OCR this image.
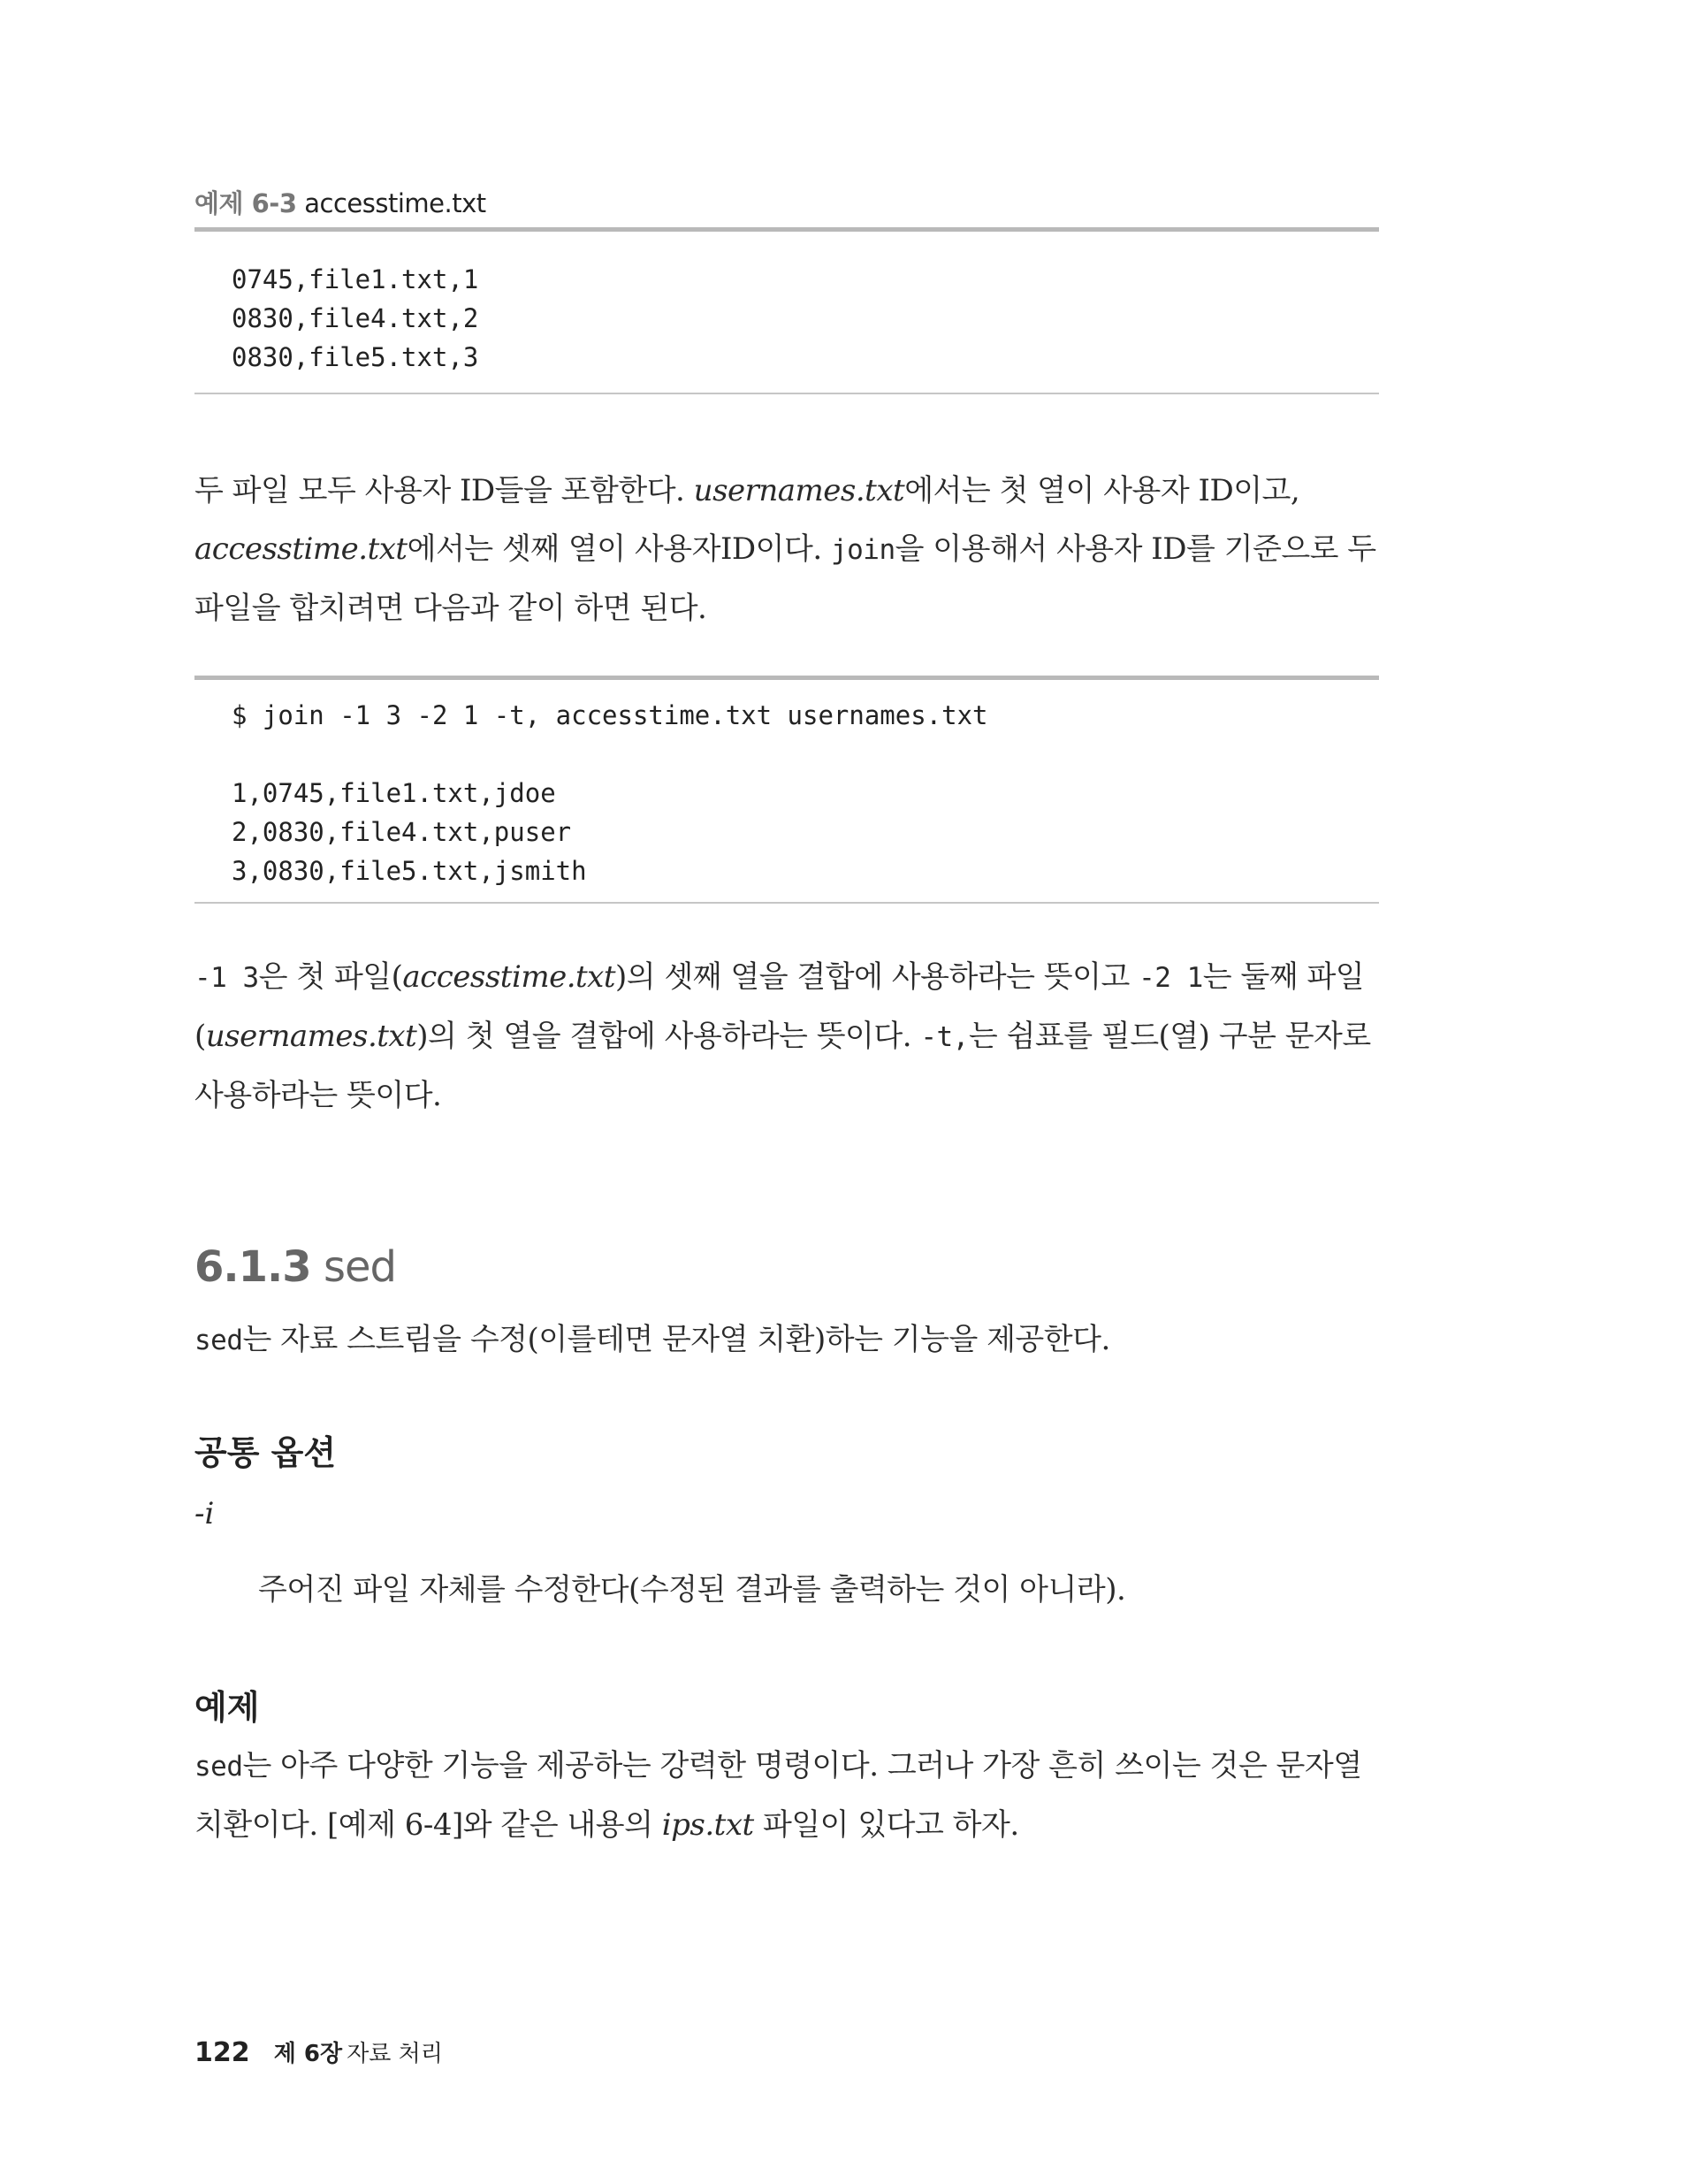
예제 6-3 accesstime.txt
0745,file1.txt,1
0830,file4.txt,2
0830,file5.txt,3

두 파일 모두 사용자 ID들을 포함한다. usernames.txt에서는 첫 열이 사용자 ID이고, accesstime.txt에서는 셋째 열이 사용자ID이다. join을 이용해서 사용자 ID를 기준으로 두 파일을 합치려면 다음과 같이 하면 된다.

$ join -1 3 -2 1 -t, accesstime.txt usernames.txt

1,0745,file1.txt,jdoe
2,0830,file4.txt,puser
3,0830,file5.txt,jsmith

-1 3은 첫 파일(accesstime.txt)의 셋째 열을 결합에 사용하라는 뜻이고 -2 1는 둘째 파일(usernames.txt)의 첫 열을 결합에 사용하라는 뜻이다. -t,는 쉼표를 필드(열) 구분 문자로 사용하라는 뜻이다.

6.1.3 sed

sed는 자료 스트림을 수정(이를테면 문자열 치환)하는 기능을 제공한다.

공통 옵션
-i
주어진 파일 자체를 수정한다(수정된 결과를 출력하는 것이 아니라).
예제

sed는 아주 다양한 기능을 제공하는 강력한 명령이다. 그러나 가장 흔히 쓰이는 것은 문자열 치환이다. [예제 6-4]와 같은 내용의 ips.txt 파일이 있다고 하자.

122 제 6장 자료 처리
